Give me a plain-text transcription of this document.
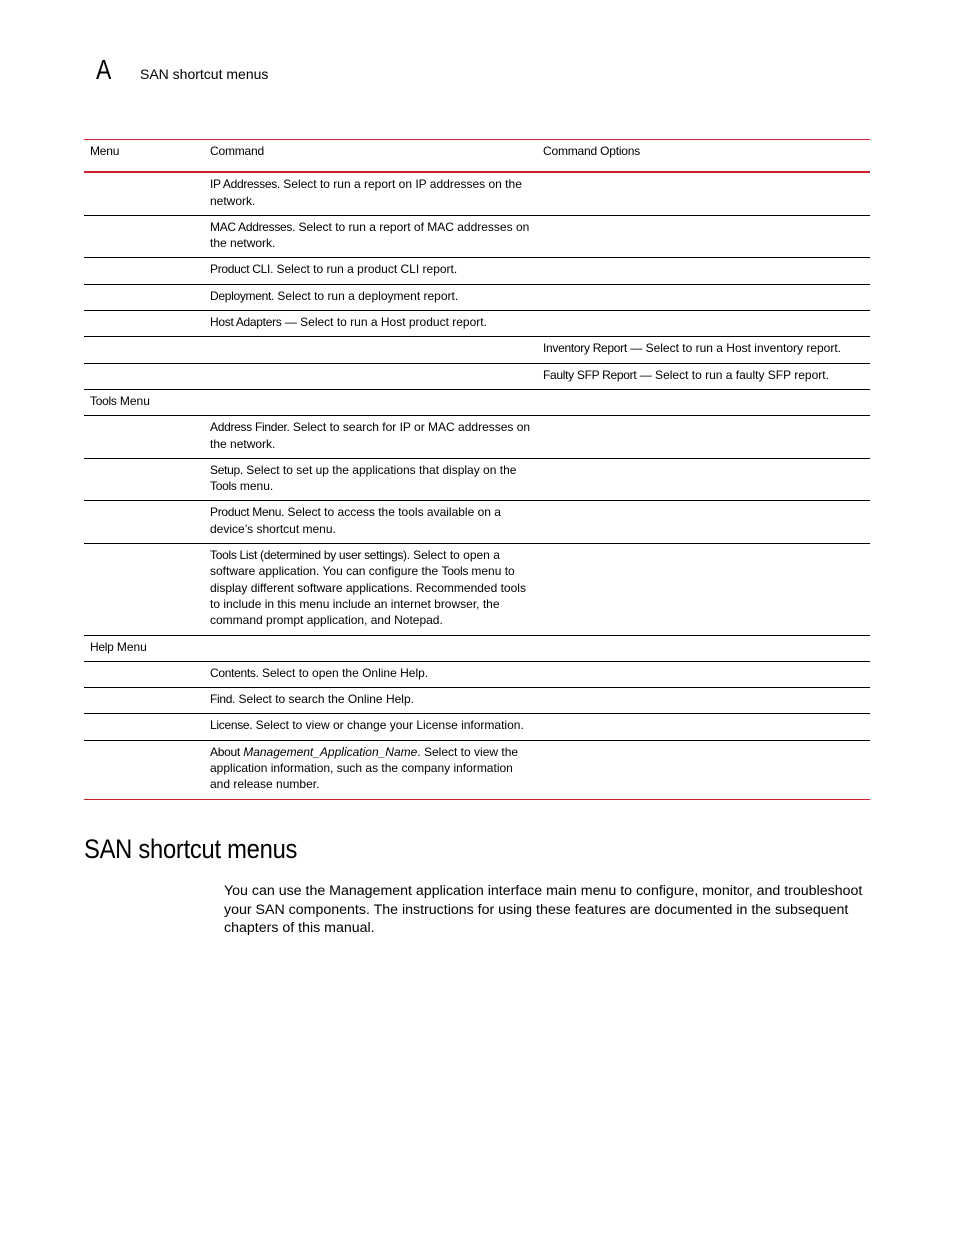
A SAN shortcut menus
Menu	Command	Command Options
	IP Addresses. Select to run a report on IP addresses on the network.	
	MAC Addresses. Select to run a report of MAC addresses on the network.	
	Product CLI. Select to run a product CLI report.	
	Deployment. Select to run a deployment report.	
	Host Adapters — Select to run a Host product report.	
		Inventory Report — Select to run a Host inventory report.
		Faulty SFP Report — Select to run a faulty SFP report.
Tools Menu		
	Address Finder. Select to search for IP or MAC addresses on the network.	
	Setup. Select to set up the applications that display on the Tools menu.	
	Product Menu. Select to access the tools available on a device’s shortcut menu.	
	Tools List (determined by user settings). Select to open a software application. You can configure the Tools menu to display different software applications. Recommended tools to include in this menu include an internet browser, the command prompt application, and Notepad.	
Help Menu		
	Contents. Select to open the Online Help.	
	Find. Select to search the Online Help.	
	License. Select to view or change your License information.	
	About Management_Application_Name. Select to view the application information, such as the company information and release number.	
SAN shortcut menus

You can use the Management application interface main menu to configure, monitor, and troubleshoot your SAN components. The instructions for using these features are documented in the subsequent chapters of this manual.
